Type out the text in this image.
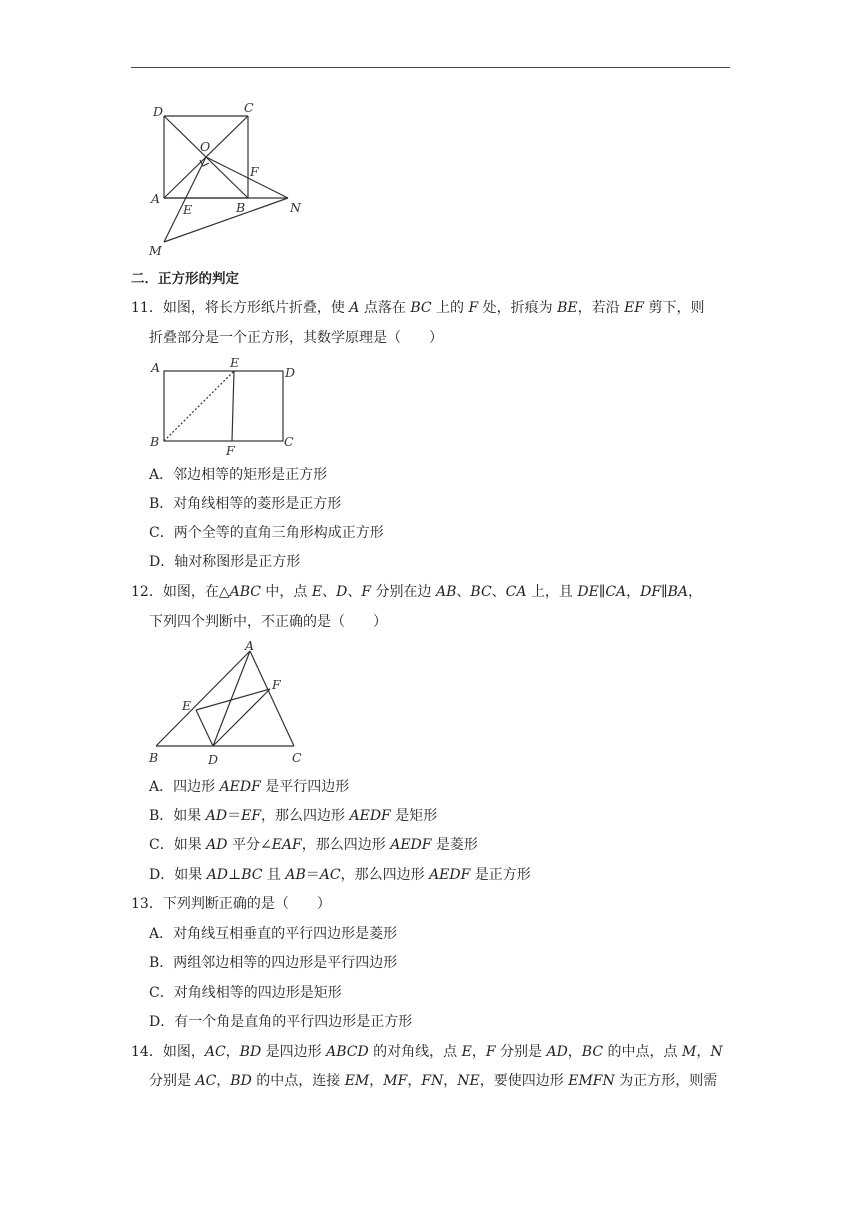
D	C
O
F
A
E	B	N
M
二．正方形的判定
11．如图，将长方形纸片折叠，使 A 点落在 BC 上的 F 处，折痕为 BE，若沿 EF 剪下，则
折叠部分是一个正方形，其数学原理是（　　）
A	E
D
B
F
C
A．邻边相等的矩形是正方形
B．对角线相等的菱形是正方形
C．两个全等的直角三角形构成正方形
D．轴对称图形是正方形
12．如图，在△ABC 中，点 E、D、F 分别在边 AB、BC、CA 上，且 DE∥CA，DF∥BA，
下列四个判断中，不正确的是（　　）
A
F
E
B	D	C
A．四边形 AEDF 是平行四边形
B．如果 AD＝EF，那么四边形 AEDF 是矩形
C．如果 AD 平分∠EAF，那么四边形 AEDF 是菱形
D．如果 AD⊥BC 且 AB＝AC，那么四边形 AEDF 是正方形
13．下列判断正确的是（　　）
A．对角线互相垂直的平行四边形是菱形
B．两组邻边相等的四边形是平行四边形
C．对角线相等的四边形是矩形
D．有一个角是直角的平行四边形是正方形
14．如图，AC，BD 是四边形 ABCD 的对角线，点 E，F 分别是 AD，BC 的中点，点 M，N
分别是 AC，BD 的中点，连接 EM，MF，FN，NE，要使四边形 EMFN 为正方形，则需
